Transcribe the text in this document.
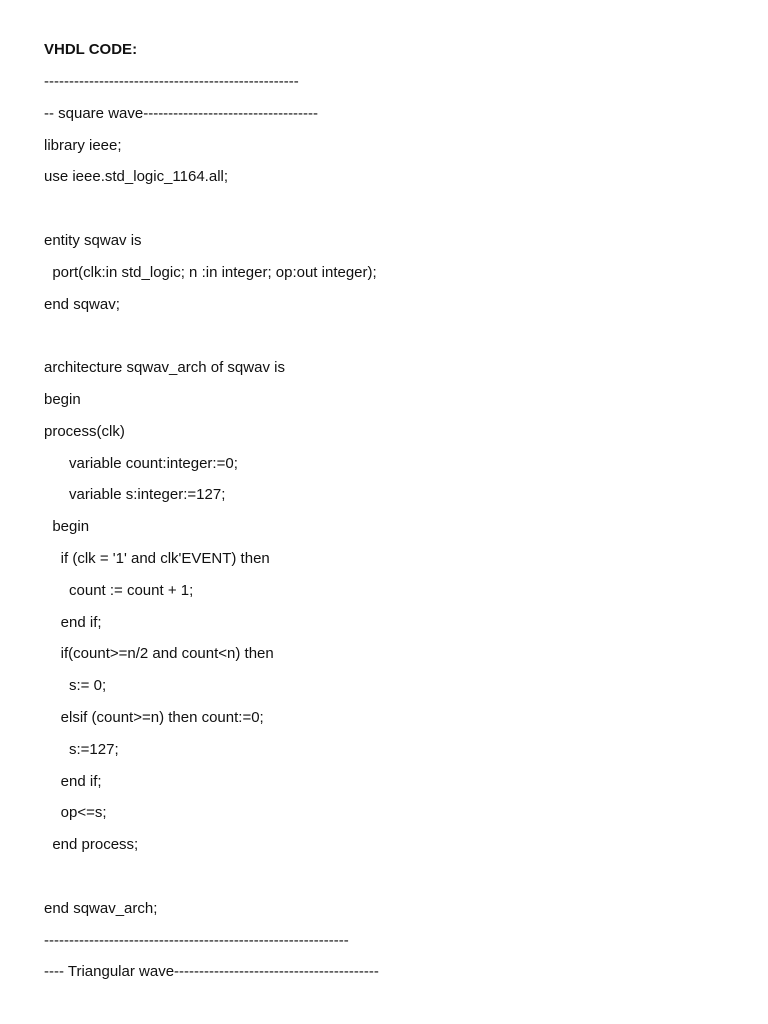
VHDL CODE:
---------------------------------------------------
-- square wave-----------------------------------
library ieee;
use ieee.std_logic_1164.all;
entity sqwav is
port(clk:in std_logic; n :in integer; op:out integer);
end sqwav;
architecture sqwav_arch of sqwav is
begin
process(clk)
variable count:integer:=0;
variable s:integer:=127;
begin
if (clk = '1' and clk'EVENT) then
count := count + 1;
end if;
if(count>=n/2 and count<n) then
s:= 0;
elsif (count>=n) then count:=0;
s:=127;
end if;
op<=s;
end process;
end sqwav_arch;
-------------------------------------------------------------
---- Triangular wave-----------------------------------------
